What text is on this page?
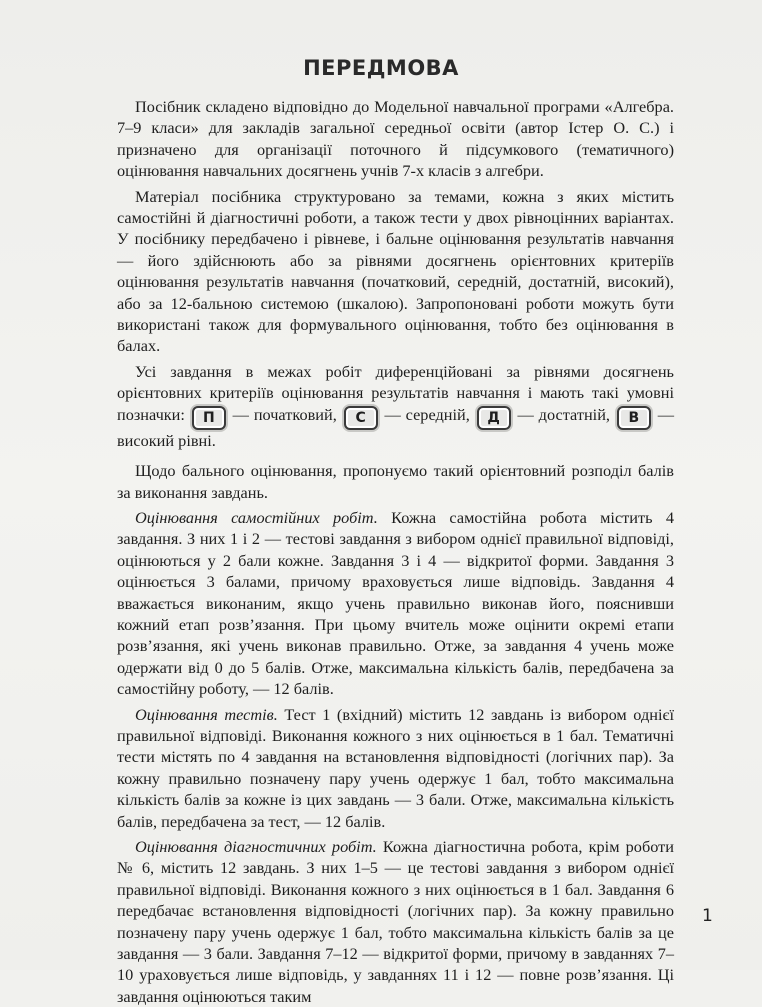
ПЕРЕДМОВА

Посібник складено відповідно до Модельної навчальної програми «Алгебра. 7–9 класи» для закладів загальної середньої освіти (автор Істер О. С.) і призначено для організації поточного й підсумкового (тематичного) оцінювання навчальних досягнень учнів 7-х класів з алгебри.

Матеріал посібника структуровано за темами, кожна з яких містить самостійні й діагностичні роботи, а також тести у двох рівноцінних варіантах. У посібнику передбачено і рівневе, і бальне оцінювання результатів навчання — його здійснюють або за рівнями досягнень орієнтовних критеріїв оцінювання результатів навчання (початковий, середній, достатній, високий), або за 12-бальною системою (шкалою). Запропоновані роботи можуть бути використані також для формувального оцінювання, тобто без оцінювання в балах.

Усі завдання в межах робіт диференційовані за рівнями досягнень орієнтовних критеріїв оцінювання результатів навчання і мають такі умовні позначки: П — початковий, С — середній, Д — достатній, В — високий рівні.

Щодо бального оцінювання, пропонуємо такий орієнтовний розподіл балів за виконання завдань.

Оцінювання самостійних робіт. Кожна самостійна робота містить 4 завдання. З них 1 і 2 — тестові завдання з вибором однієї правильної відповіді, оцінюються у 2 бали кожне. Завдання 3 і 4 — відкритої форми. Завдання 3 оцінюється 3 балами, причому враховується лише відповідь. Завдання 4 вважається виконаним, якщо учень правильно виконав його, пояснивши кожний етап розв’язання. При цьому вчитель може оцінити окремі етапи розв’язання, які учень виконав правильно. Отже, за завдання 4 учень може одержати від 0 до 5 балів. Отже, максимальна кількість балів, передбачена за самостійну роботу, — 12 балів.

Оцінювання тестів. Тест 1 (вхідний) містить 12 завдань із вибором однієї правильної відповіді. Виконання кожного з них оцінюється в 1 бал. Тематичні тести містять по 4 завдання на встановлення відповідності (логічних пар). За кожну правильно позначену пару учень одержує 1 бал, тобто максимальна кількість балів за кожне із цих завдань — 3 бали. Отже, максимальна кількість балів, передбачена за тест, — 12 балів.

Оцінювання діагностичних робіт. Кожна діагностична робота, крім роботи № 6, містить 12 завдань. З них 1–5 — це тестові завдання з вибором однієї правильної відповіді. Виконання кожного з них оцінюється в 1 бал. Завдання 6 передбачає встановлення відповідності (логічних пар). За кожну правильно позначену пару учень одержує 1 бал, тобто максимальна кількість балів за це завдання — 3 бали. Завдання 7–12 — відкритої форми, причому в завданнях 7–10 ураховується лише відповідь, у завданнях 11 і 12 — повне розв’язання. Ці завдання оцінюються таким

1
